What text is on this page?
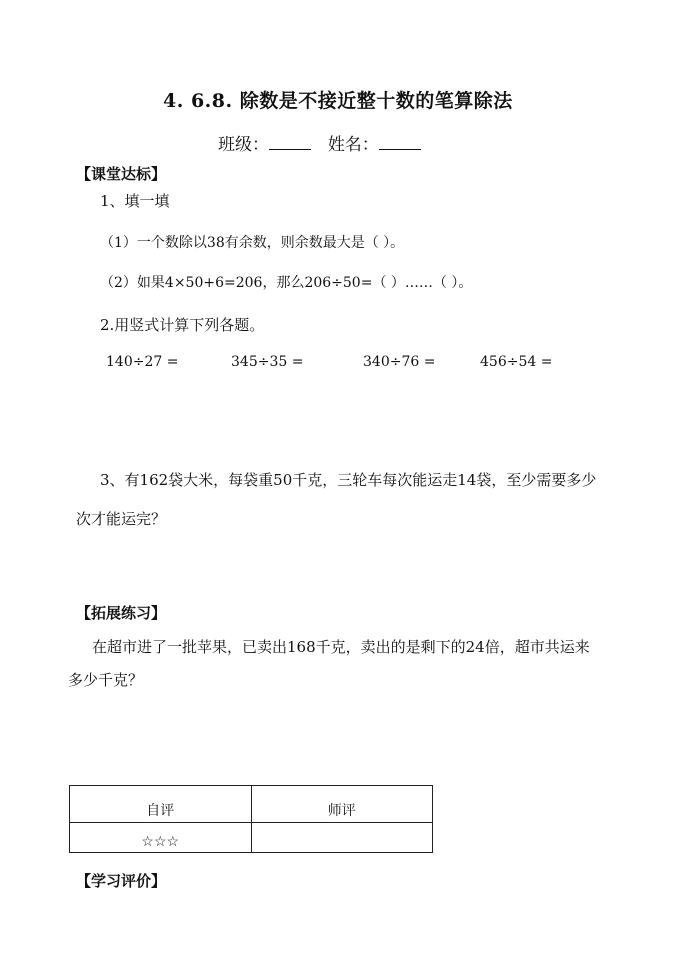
4. 6.8. 除数是不接近整十数的笔算除法
班级：	姓名：
【课堂达标】
1、填一填
（1）一个数除以38有余数，则余数最大是（ ）。
（2）如果4×50+6=206，那么206÷50=（ ）……（ ）。
2.用竖式计算下列各题。
140÷27 =	345÷35 =	340÷76 =	456÷54 =
3、有162袋大米，每袋重50千克，三轮车每次能运走14袋，至少需要多少
次才能运完？
【拓展练习】
在超市进了一批苹果，已卖出168千克，卖出的是剩下的24倍，超市共运来
多少千克？
自评	师评
☆☆☆	
【学习评价】
